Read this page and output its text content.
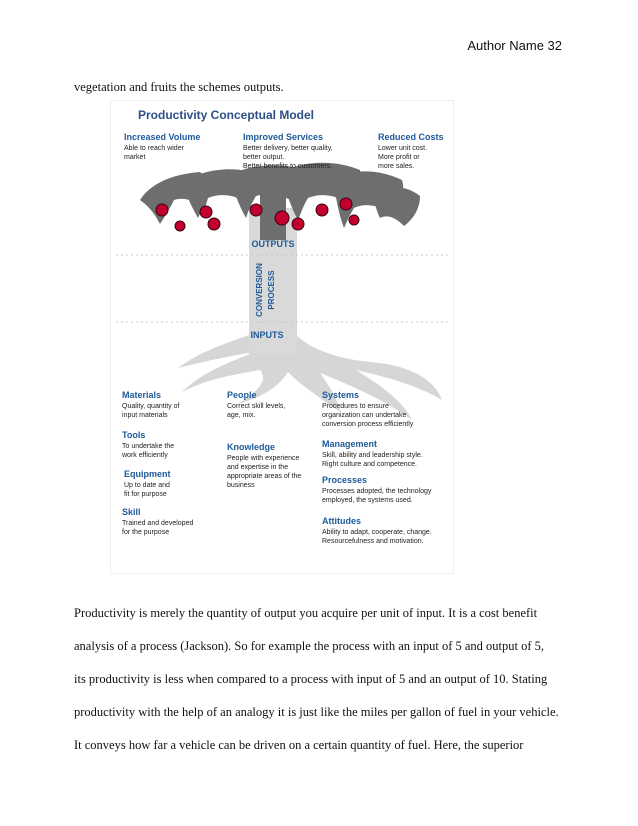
Author Name 32
vegetation and fruits the schemes outputs.
Productivity Conceptual Model
Increased Volume
Able to reach wider
market
Improved Services
Better delivery, better quality,
better output.
Better benefits to customers.
Reduced Costs
Lower unit cost.
More profit or
more sales.
OUTPUTS
CONVERSION PROCESS
INPUTS
Materials
Quality, quantity of
input materials
Tools
To undertake the
work efficiently
Equipment
Up to date and
fit for purpose
Skill
Trained and developed
for the purpose
People
Correct skill levels,
age, mix.
Knowledge
People with experience
and expertise in the
appropriate areas of the
business
Systems
Procedures to ensure
organization can undertake
conversion process efficiently
Management
Skill, ability and leadership style.
Right culture and competence.
Processes
Processes adopted, the technology
employed, the systems used.
Attitudes
Ability to adapt, cooperate, change.
Resourcefulness and motivation.
Productivity is merely the quantity of output you acquire per unit of input. It is a cost benefit
analysis of a process (Jackson). So for example the process with an input of 5 and output of 5,
its productivity is less when compared to a process with input of 5 and an output of 10. Stating
productivity with the help of an analogy it is just like the miles per gallon of fuel in your vehicle.
It conveys how far a vehicle can be driven on a certain quantity of fuel. Here, the superior
